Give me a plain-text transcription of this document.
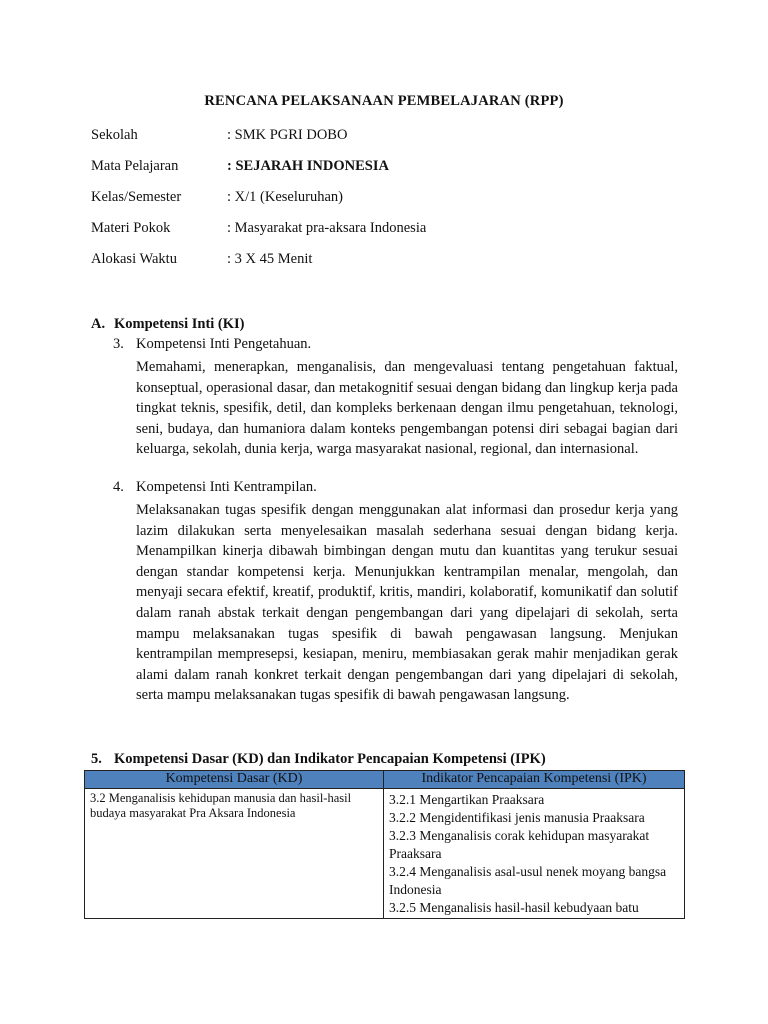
RENCANA PELAKSANAAN PEMBELAJARAN (RPP)
Sekolah	: SMK PGRI DOBO
Mata Pelajaran	: SEJARAH INDONESIA
Kelas/Semester	: X/1 (Keseluruhan)
Materi Pokok	: Masyarakat pra-aksara Indonesia
Alokasi Waktu	: 3 X 45 Menit
A. Kompetensi Inti (KI)
3. Kompetensi Inti Pengetahuan.

Memahami, menerapkan, menganalisis, dan mengevaluasi tentang pengetahuan faktual, konseptual, operasional dasar, dan metakognitif sesuai dengan bidang dan lingkup kerja pada tingkat teknis, spesifik, detil, dan kompleks berkenaan dengan ilmu pengetahuan, teknologi, seni, budaya, dan humaniora dalam konteks pengembangan potensi diri sebagai bagian dari keluarga, sekolah, dunia kerja, warga masyarakat nasional, regional, dan internasional.

4. Kompetensi Inti Kentrampilan.

Melaksanakan tugas spesifik dengan menggunakan alat informasi dan prosedur kerja yang lazim dilakukan serta menyelesaikan masalah sederhana sesuai dengan bidang kerja. Menampilkan kinerja dibawah bimbingan dengan mutu dan kuantitas yang terukur sesuai dengan standar kompetensi kerja. Menunjukkan kentrampilan menalar, mengolah, dan menyaji secara efektif, kreatif, produktif, kritis, mandiri, kolaboratif, komunikatif dan solutif dalam ranah abstak terkait dengan pengembangan dari yang dipelajari di sekolah, serta mampu melaksanakan tugas spesifik di bawah pengawasan langsung. Menjukan kentrampilan mempresepsi, kesiapan, meniru, membiasakan gerak mahir menjadikan gerak alami dalam ranah konkret terkait dengan pengembangan dari yang dipelajari di sekolah, serta mampu melaksanakan tugas spesifik di bawah pengawasan langsung.

5. Kompetensi Dasar (KD) dan Indikator Pencapaian Kompetensi (IPK)
Kompetensi Dasar (KD)	Indikator Pencapaian Kompetensi (IPK)
3.2 Menganalisis kehidupan manusia dan hasil-hasil budaya masyarakat Pra Aksara Indonesia	3.2.1 Mengartikan Praaksara
3.2.2 Mengidentifikasi jenis manusia Praaksara
3.2.3 Menganalisis corak kehidupan masyarakat Praaksara
3.2.4 Menganalisis asal-usul nenek moyang bangsa Indonesia
3.2.5 Menganalisis hasil-hasil kebudyaan batu
